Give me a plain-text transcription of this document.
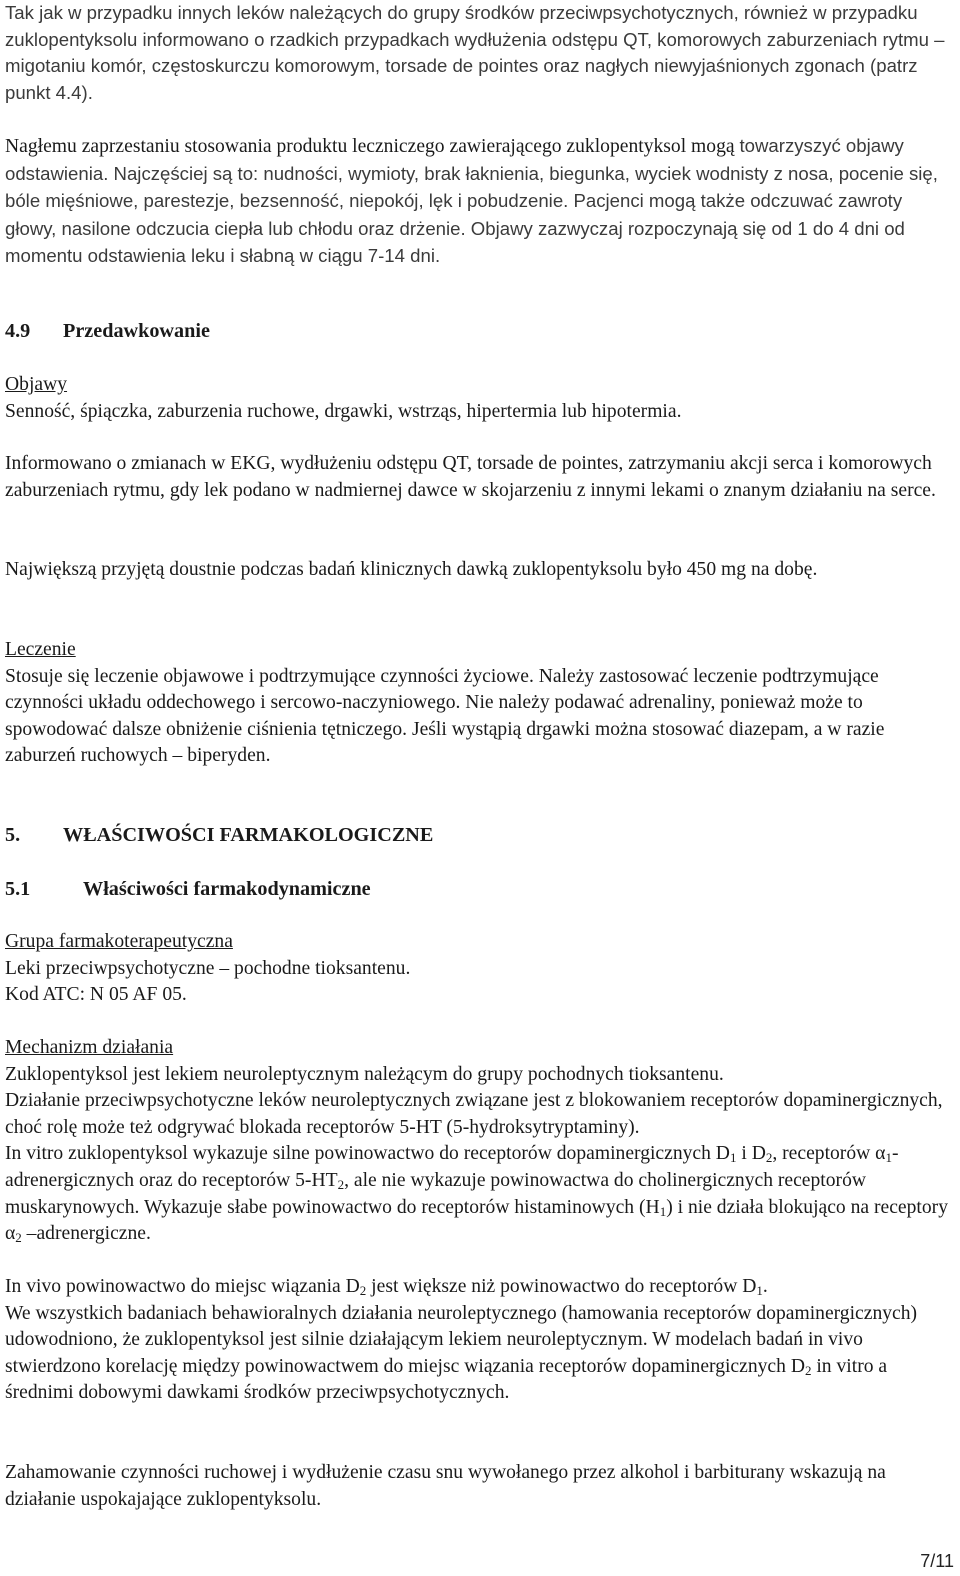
Tak jak w przypadku innych leków należących do grupy środków przeciwpsychotycznych, również w przypadku zuklopentyksolu informowano o rzadkich przypadkach wydłużenia odstępu QT, komorowych zaburzeniach rytmu – migotaniu komór, częstoskurczu komorowym, torsade de pointes oraz nagłych niewyjaśnionych zgonach (patrz punkt 4.4).

Nagłemu zaprzestaniu stosowania produktu leczniczego zawierającego zuklopentyksol mogą towarzyszyć objawy odstawienia. Najczęściej są to: nudności, wymioty, brak łaknienia, biegunka, wyciek wodnisty z nosa, pocenie się, bóle mięśniowe, parestezje, bezsenność, niepokój, lęk i pobudzenie. Pacjenci mogą także odczuwać zawroty głowy, nasilone odczucia ciepła lub chłodu oraz drżenie. Objawy zazwyczaj rozpoczynają się od 1 do 4 dni od momentu odstawienia leku i słabną w ciągu 7-14 dni.

4.9 Przedawkowanie

Objawy
Senność, śpiączka, zaburzenia ruchowe, drgawki, wstrząs, hipertermia lub hipotermia.

Informowano o zmianach w EKG, wydłużeniu odstępu QT, torsade de pointes, zatrzymaniu akcji serca i komorowych zaburzeniach rytmu, gdy lek podano w nadmiernej dawce w skojarzeniu z innymi lekami o znanym działaniu na serce.

Największą przyjętą doustnie podczas badań klinicznych dawką zuklopentyksolu było 450 mg na dobę.

Leczenie
Stosuje się leczenie objawowe i podtrzymujące czynności życiowe. Należy zastosować leczenie podtrzymujące czynności układu oddechowego i sercowo-naczyniowego. Nie należy podawać adrenaliny, ponieważ może to spowodować dalsze obniżenie ciśnienia tętniczego. Jeśli wystąpią drgawki można stosować diazepam, a w razie zaburzeń ruchowych – biperyden.

5. WŁAŚCIWOŚCI FARMAKOLOGICZNE
5.1	Właściwości farmakodynamiczne

Grupa farmakoterapeutyczna
Leki przeciwpsychotyczne – pochodne tioksantenu.
Kod ATC: N 05 AF 05.

Mechanizm działania
Zuklopentyksol jest lekiem neuroleptycznym należącym do grupy pochodnych tioksantenu.
Działanie przeciwpsychotyczne leków neuroleptycznych związane jest z blokowaniem receptorów dopaminergicznych, choć rolę może też odgrywać blokada receptorów 5-HT (5-hydroksytryptaminy).
In vitro zuklopentyksol wykazuje silne powinowactwo do receptorów dopaminergicznych $D_1$ i $D_2$, receptorów $\alpha_1-$ adrenergicznych oraz do receptorów $5-HT_2$, ale nie wykazuje powinowactwa do cholinergicznych receptorów muskarynowych. Wykazuje słabe powinowactwo do receptorów histaminowych $(H_1)$ i nie działa blokująco na receptory $\alpha_2$ –adrenergiczne.

In vivo powinowactwo do miejsc wiązania $D_2$ jest większe niż powinowactwo do receptorów $D_1$.
We wszystkich badaniach behawioralnych działania neuroleptycznego (hamowania receptorów dopaminergicznych) udowodniono, że zuklopentyksol jest silnie działającym lekiem neuroleptycznym. W modelach badań in vivo stwierdzono korelację między powinowactwem do miejsc wiązania receptorów dopaminergicznych $D_2$ in vitro a średnimi dobowymi dawkami środków przeciwpsychotycznych.

Zahamowanie czynności ruchowej i wydłużenie czasu snu wywołanego przez alkohol i barbiturany wskazują na działanie uspokajające zuklopentyksolu.

7/11
